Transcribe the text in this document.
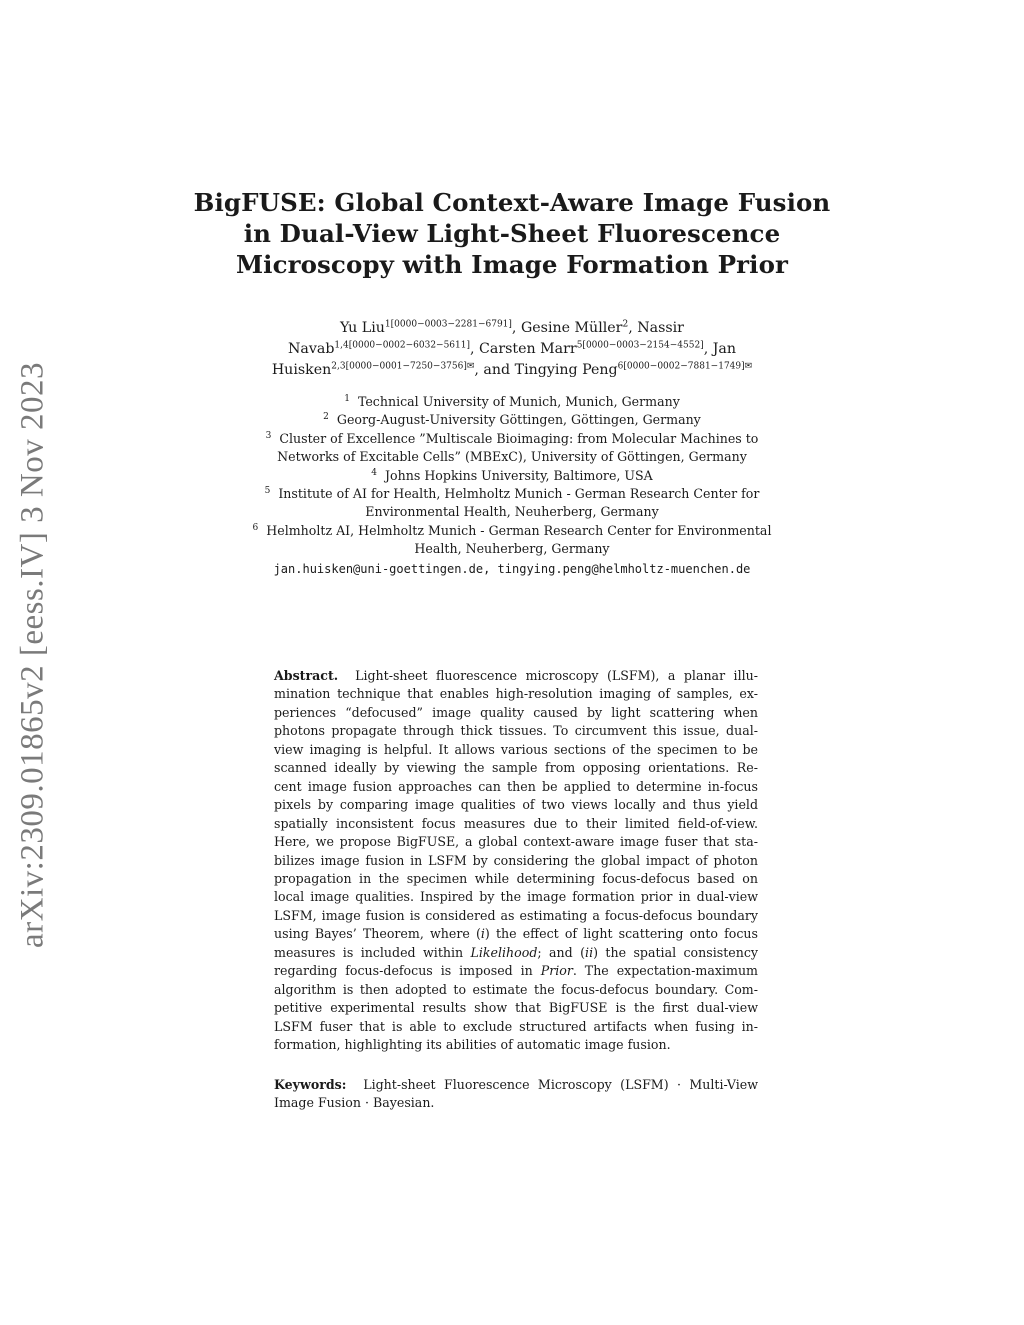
arXiv:2309.01865v2 [eess.IV] 3 Nov 2023
BigFUSE: Global Context-Aware Image Fusion
in Dual-View Light-Sheet Fluorescence
Microscopy with Image Formation Prior
Yu Liu$^{1[0000-0003-2281-6791]}$, Gesine Müller$^2$, Nassir
Navab$^{1,4[0000-0002-6032-5611]}$, Carsten Marr$^{5[0000-0003-2154-4552]}$, Jan
Huisken$^{2,3[0000-0001-7250-3756]✉}$, and Tingying Peng$^{6[0000-0002-7881-1749]✉}$
$^1$ Technical University of Munich, Munich, Germany
$^2$ Georg-August-University Göttingen, Göttingen, Germany
$^3$ Cluster of Excellence ”Multiscale Bioimaging: from Molecular Machines to
Networks of Excitable Cells” (MBExC), University of Göttingen, Germany
$^4$ Johns Hopkins University, Baltimore, USA
$^5$ Institute of AI for Health, Helmholtz Munich - German Research Center for
Environmental Health, Neuherberg, Germany
$^6$ Helmholtz AI, Helmholtz Munich - German Research Center for Environmental
Health, Neuherberg, Germany
jan.huisken@uni-goettingen.de, tingying.peng@helmholtz-muenchen.de
Abstract. Light-sheet fluorescence microscopy (LSFM), a planar illu-
mination technique that enables high-resolution imaging of samples, ex-
periences “defocused” image quality caused by light scattering when
photons propagate through thick tissues. To circumvent this issue, dual-
view imaging is helpful. It allows various sections of the specimen to be
scanned ideally by viewing the sample from opposing orientations. Re-
cent image fusion approaches can then be applied to determine in-focus
pixels by comparing image qualities of two views locally and thus yield
spatially inconsistent focus measures due to their limited field-of-view.
Here, we propose BigFUSE, a global context-aware image fuser that sta-
bilizes image fusion in LSFM by considering the global impact of photon
propagation in the specimen while determining focus-defocus based on
local image qualities. Inspired by the image formation prior in dual-view
LSFM, image fusion is considered as estimating a focus-defocus boundary
using Bayes’ Theorem, where (i) the effect of light scattering onto focus
measures is included within Likelihood; and (ii) the spatial consistency
regarding focus-defocus is imposed in Prior. The expectation-maximum
algorithm is then adopted to estimate the focus-defocus boundary. Com-
petitive experimental results show that BigFUSE is the first dual-view
LSFM fuser that is able to exclude structured artifacts when fusing in-
formation, highlighting its abilities of automatic image fusion.
Keywords: Light-sheet Fluorescence Microscopy (LSFM) · Multi-View
Image Fusion · Bayesian.
